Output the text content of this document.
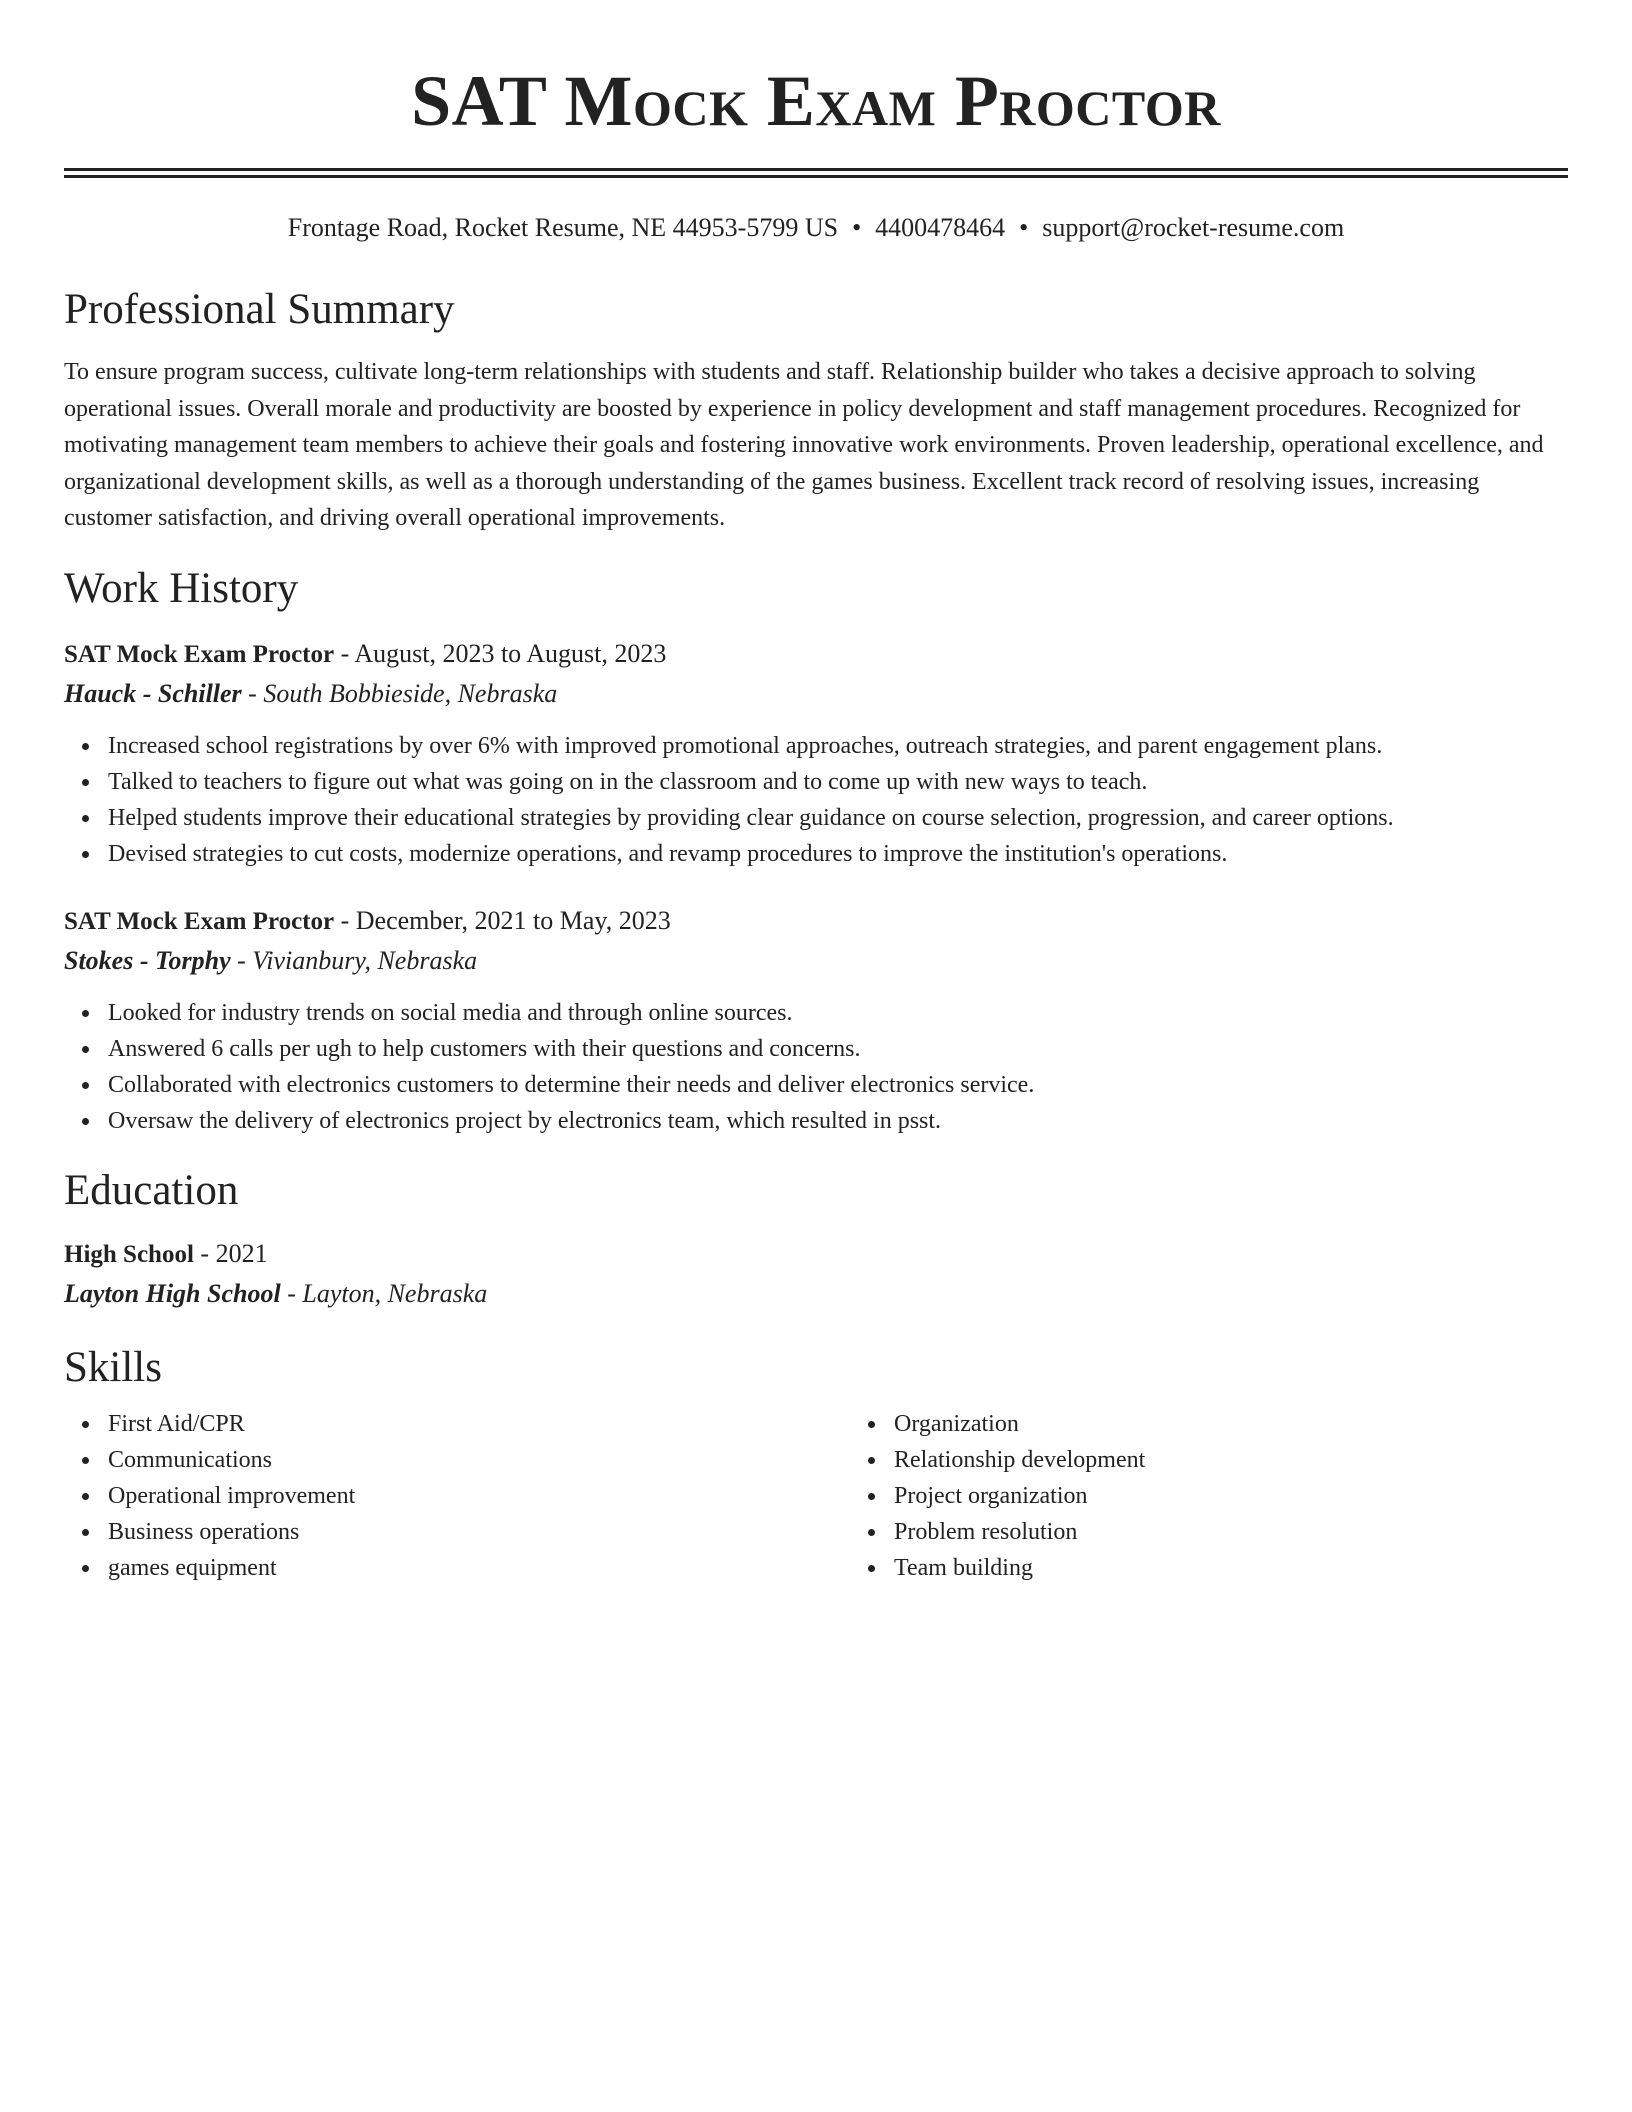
SAT Mock Exam Proctor
Frontage Road, Rocket Resume, NE 44953-5799 US • 4400478464 • support@rocket-resume.com
Professional Summary

To ensure program success, cultivate long-term relationships with students and staff. Relationship builder who takes a decisive approach to solving operational issues. Overall morale and productivity are boosted by experience in policy development and staff management procedures. Recognized for motivating management team members to achieve their goals and fostering innovative work environments. Proven leadership, operational excellence, and organizational development skills, as well as a thorough understanding of the games business. Excellent track record of resolving issues, increasing customer satisfaction, and driving overall operational improvements.

Work History
SAT Mock Exam Proctor - August, 2023 to August, 2023
Hauck - Schiller - South Bobbieside, Nebraska
Increased school registrations by over 6% with improved promotional approaches, outreach strategies, and parent engagement plans.
Talked to teachers to figure out what was going on in the classroom and to come up with new ways to teach.
Helped students improve their educational strategies by providing clear guidance on course selection, progression, and career options.
Devised strategies to cut costs, modernize operations, and revamp procedures to improve the institution's operations.
SAT Mock Exam Proctor - December, 2021 to May, 2023
Stokes - Torphy - Vivianbury, Nebraska
Looked for industry trends on social media and through online sources.
Answered 6 calls per ugh to help customers with their questions and concerns.
Collaborated with electronics customers to determine their needs and deliver electronics service.
Oversaw the delivery of electronics project by electronics team, which resulted in psst.
Education
High School - 2021
Layton High School - Layton, Nebraska
Skills
First Aid/CPR
Communications
Operational improvement
Business operations
games equipment
Organization
Relationship development
Project organization
Problem resolution
Team building
